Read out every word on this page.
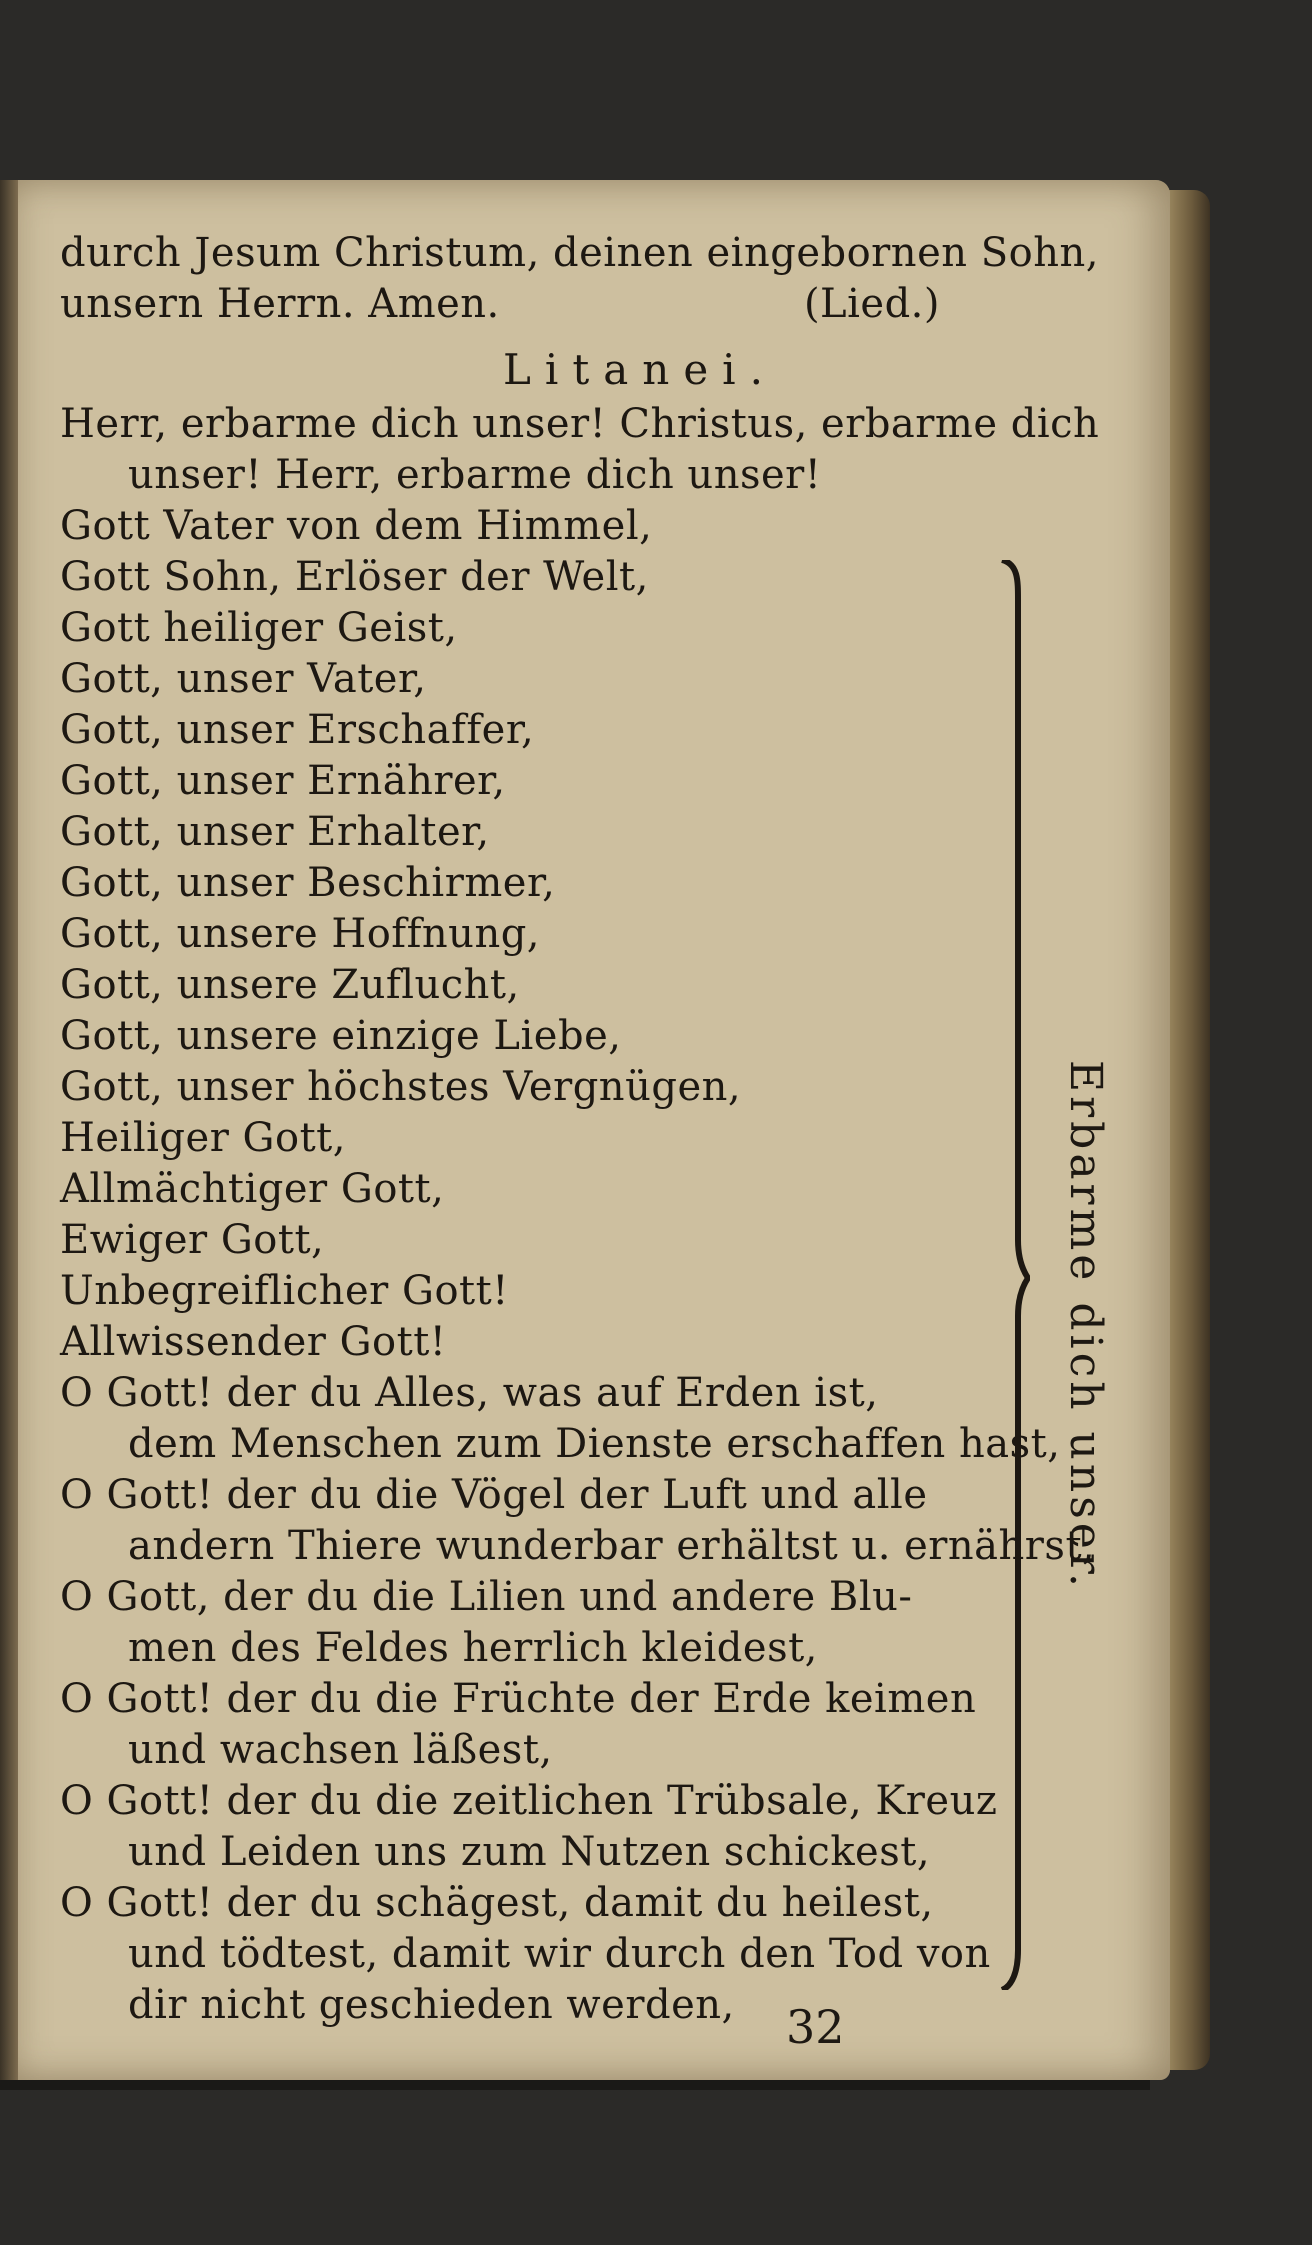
durch Jesum Christum, deinen eingebornen Sohn,
unsern Herrn. Amen.	(Lied.)
Litanei.
Herr, erbarme dich unser! Christus, erbarme dich
unser! Herr, erbarme dich unser!
Gott Vater von dem Himmel,
Gott Sohn, Erlöser der Welt,
Gott heiliger Geist,
Gott, unser Vater,
Gott, unser Erschaffer,
Gott, unser Ernährer,
Gott, unser Erhalter,
Gott, unser Beschirmer,
Gott, unsere Hoffnung,
Gott, unsere Zuflucht,
Gott, unsere einzige Liebe,
Gott, unser höchstes Vergnügen,
Heiliger Gott,
Allmächtiger Gott,
Ewiger Gott,
Unbegreiflicher Gott!
Allwissender Gott!
O Gott! der du Alles, was auf Erden ist,
dem Menschen zum Dienste erschaffen hast,
O Gott! der du die Vögel der Luft und alle
andern Thiere wunderbar erhältst u. ernährst,
O Gott, der du die Lilien und andere Blu-
men des Feldes herrlich kleidest,
O Gott! der du die Früchte der Erde keimen
und wachsen läßest,
O Gott! der du die zeitlichen Trübsale, Kreuz
und Leiden uns zum Nutzen schickest,
O Gott! der du schägest, damit du heilest,
und tödtest, damit wir durch den Tod von
dir nicht geschieden werden,
Erbarme dich unser.
32
